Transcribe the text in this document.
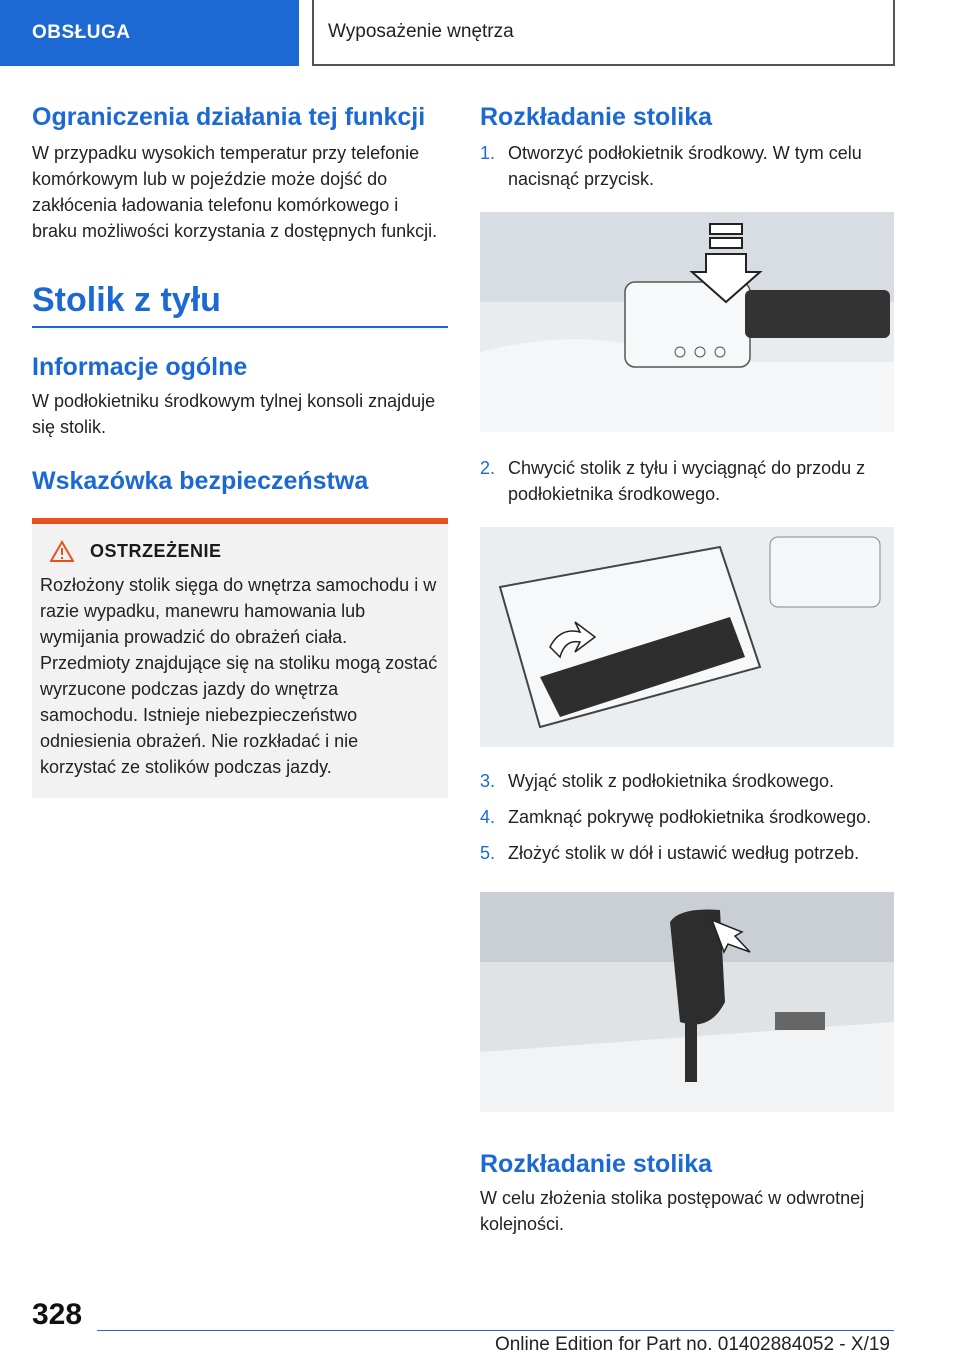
OBSŁUGA	Wyposażenie wnętrza
Ograniczenia działania tej funkcji

W przypadku wysokich temperatur przy telefonie komórkowym lub w pojeździe może dojść do zakłócenia ładowania telefonu komórkowego i braku możliwości korzystania z dostępnych funkcji.

Stolik z tyłu
Informacje ogólne

W podłokietniku środkowym tylnej konsoli znajduje się stolik.

Wskazówka bezpieczeństwa
OSTRZEŻENIE
Rozłożony stolik sięga do wnętrza samochodu i w razie wypadku, manewru hamowania lub wymijania prowadzić do obrażeń ciała. Przedmioty znajdujące się na stoliku mogą zostać wyrzucone podczas jazdy do wnętrza samochodu. Istnieje niebezpieczeństwo odniesienia obrażeń. Nie rozkładać i nie korzystać ze stolików podczas jazdy.
Rozkładanie stolika
1. Otworzyć podłokietnik środkowy. W tym celu nacisnąć przycisk.
2. Chwycić stolik z tyłu i wyciągnąć do przodu z podłokietnika środkowego.
3. Wyjąć stolik z podłokietnika środkowego.
4. Zamknąć pokrywę podłokietnika środkowego.
5. Złożyć stolik w dół i ustawić według potrzeb.
Rozkładanie stolika

W celu złożenia stolika postępować w odwrotnej kolejności.

328
Online Edition for Part no. 01402884052 - X/19
